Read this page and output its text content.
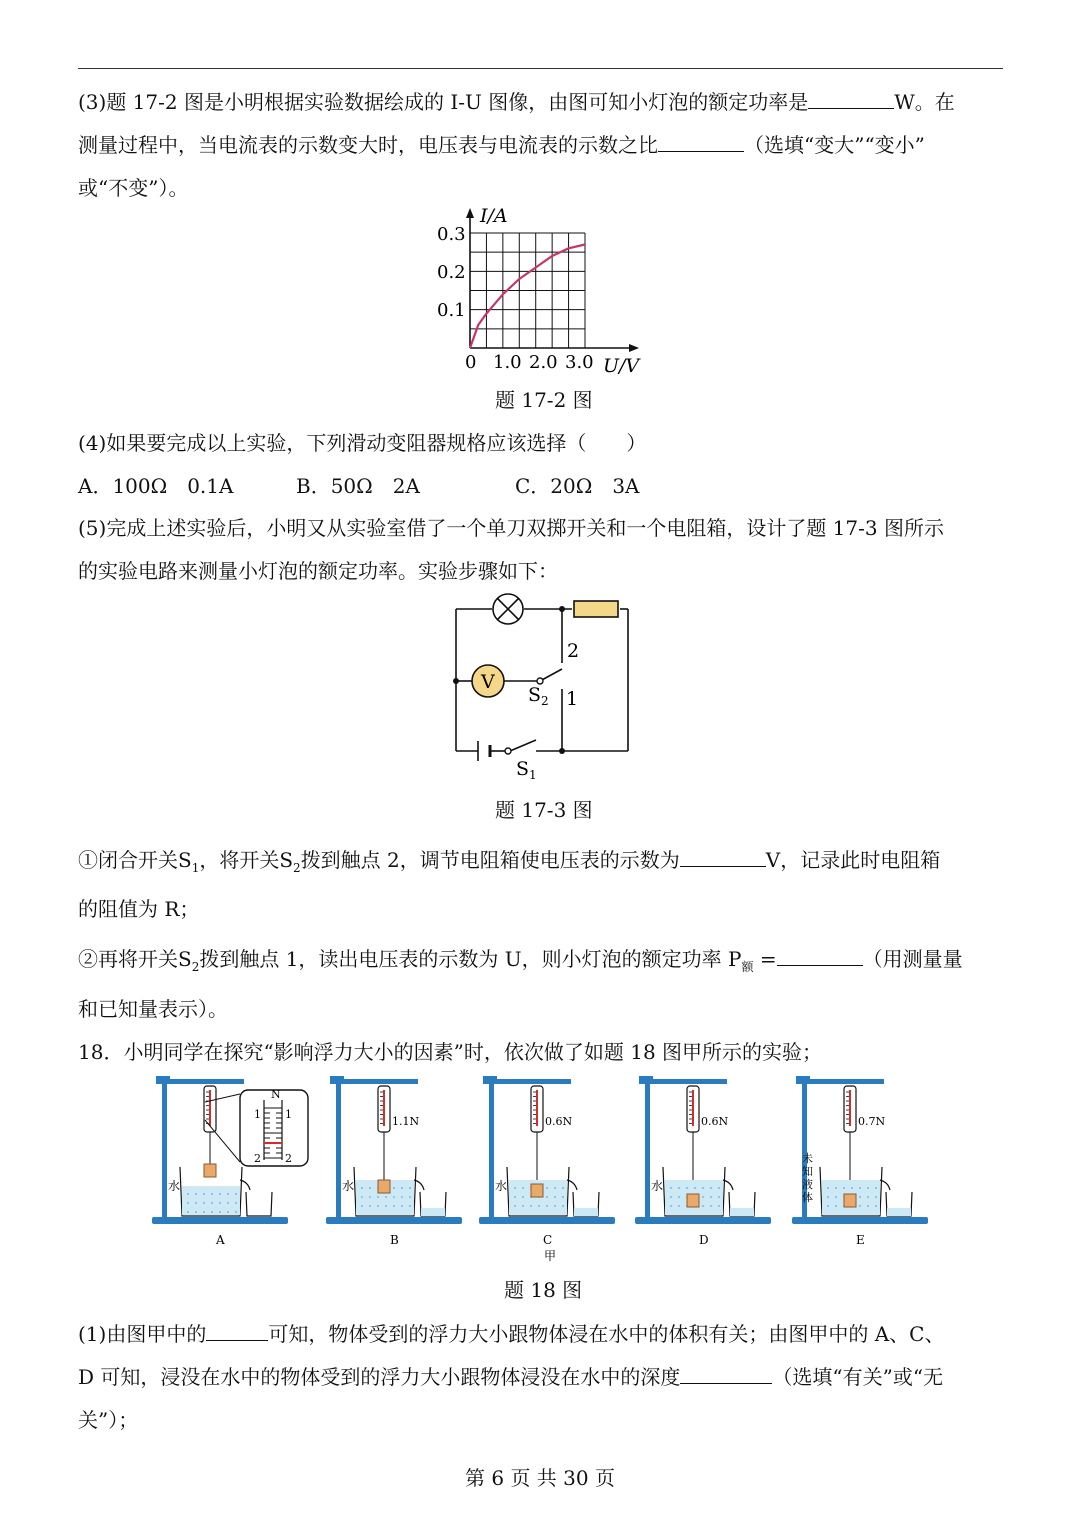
(3)题 17-2 图是小明根据实验数据绘成的 I-U 图像，由图可知小灯泡的额定功率是	W。在
测量过程中，当电流表的示数变大时，电压表与电流表的示数之比	（选填“变大”“变小”
或“不变”）。
I/A
U/V
0.3
0.2
0.1
0 1.0 2.0 3.0
题 17-2 图
(4)如果要完成以上实验，下列滑动变阻器规格应该选择（　　）
A．100Ω　0.1A	B．50Ω　2A	C．20Ω　3A
(5)完成上述实验后，小明又从实验室借了一个单刀双掷开关和一个电阻箱，设计了题 17-3 图所示
的实验电路来测量小灯泡的额定功率。实验步骤如下：
V
2
1
S 2
S 1
题 17-3 图
①闭合开关$S_1$，将开关$S_2$拨到触点 2，调节电阻箱使电压表的示数为	V，记录此时电阻箱
的阻值为 R；
②再将开关$S_2$拨到触点 1，读出电压表的示数为 U，则小灯泡的额定功率 $P_额$ =	（用测量量
和已知量表示）。
18．小明同学在探究“影响浮力大小的因素”时，依次做了如题 18 图甲所示的实验；
水
A
1.1N
水
B
0.6N
水
C
0.6N
水
D
0.7N
未
知
液
体
E
N
1 1
2 2
甲
题 18 图
(1)由图甲中的	可知，物体受到的浮力大小跟物体浸在水中的体积有关；由图甲中的 A、C、
D 可知，浸没在水中的物体受到的浮力大小跟物体浸没在水中的深度	（选填“有关”或“无
关”）；
第 6 页 共 30 页
